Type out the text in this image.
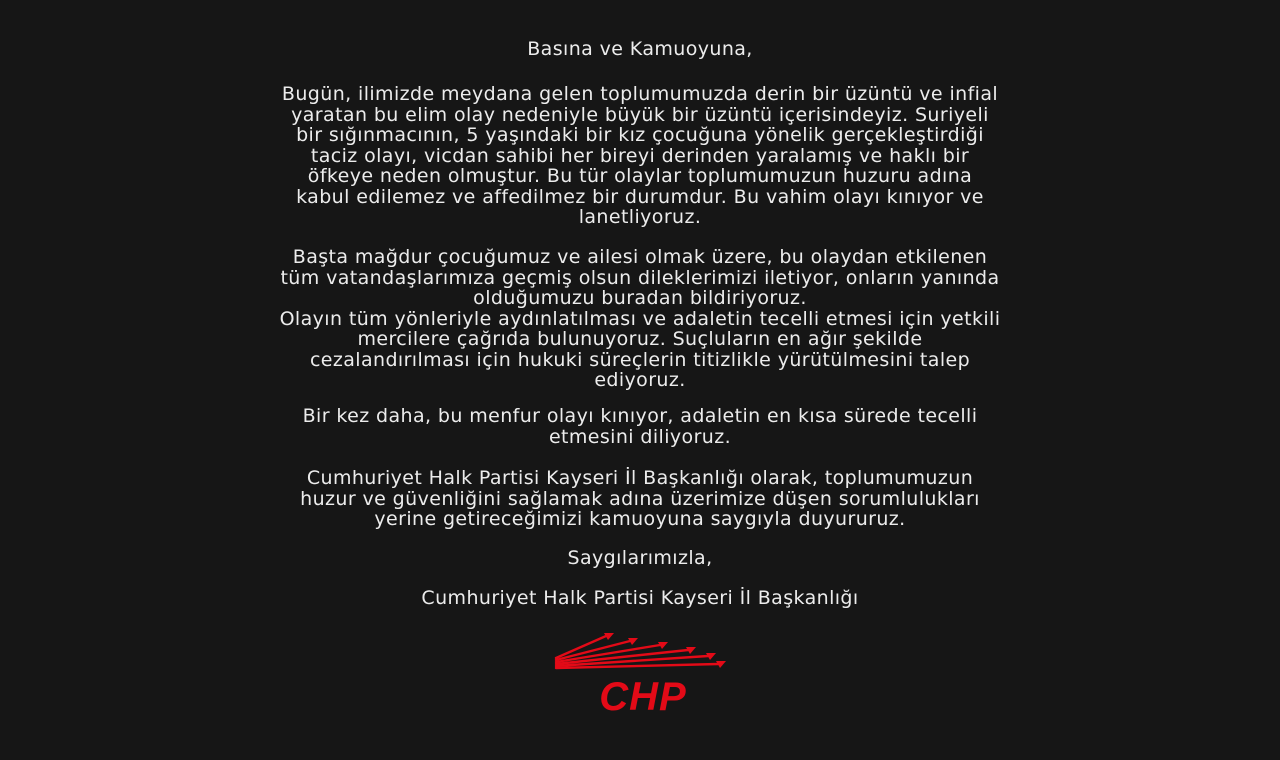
Basına ve Kamuoyuna,
Bugün, ilimizde meydana gelen toplumumuzda derin bir üzüntü ve infial
yaratan bu elim olay nedeniyle büyük bir üzüntü içerisindeyiz. Suriyeli
bir sığınmacının, 5 yaşındaki bir kız çocuğuna yönelik gerçekleştirdiği
taciz olayı, vicdan sahibi her bireyi derinden yaralamış ve haklı bir
öfkeye neden olmuştur. Bu tür olaylar toplumumuzun huzuru adına
kabul edilemez ve affedilmez bir durumdur. Bu vahim olayı kınıyor ve
lanetliyoruz.
Başta mağdur çocuğumuz ve ailesi olmak üzere, bu olaydan etkilenen
tüm vatandaşlarımıza geçmiş olsun dileklerimizi iletiyor, onların yanında
olduğumuzu buradan bildiriyoruz.
Olayın tüm yönleriyle aydınlatılması ve adaletin tecelli etmesi için yetkili
mercilere çağrıda bulunuyoruz. Suçluların en ağır şekilde
cezalandırılması için hukuki süreçlerin titizlikle yürütülmesini talep
ediyoruz.
Bir kez daha, bu menfur olayı kınıyor, adaletin en kısa sürede tecelli
etmesini diliyoruz.
Cumhuriyet Halk Partisi Kayseri İl Başkanlığı olarak, toplumumuzun
huzur ve güvenliğini sağlamak adına üzerimize düşen sorumlulukları
yerine getireceğimizi kamuoyuna saygıyla duyururuz.
Saygılarımızla,
Cumhuriyet Halk Partisi Kayseri İl Başkanlığı
CHP
